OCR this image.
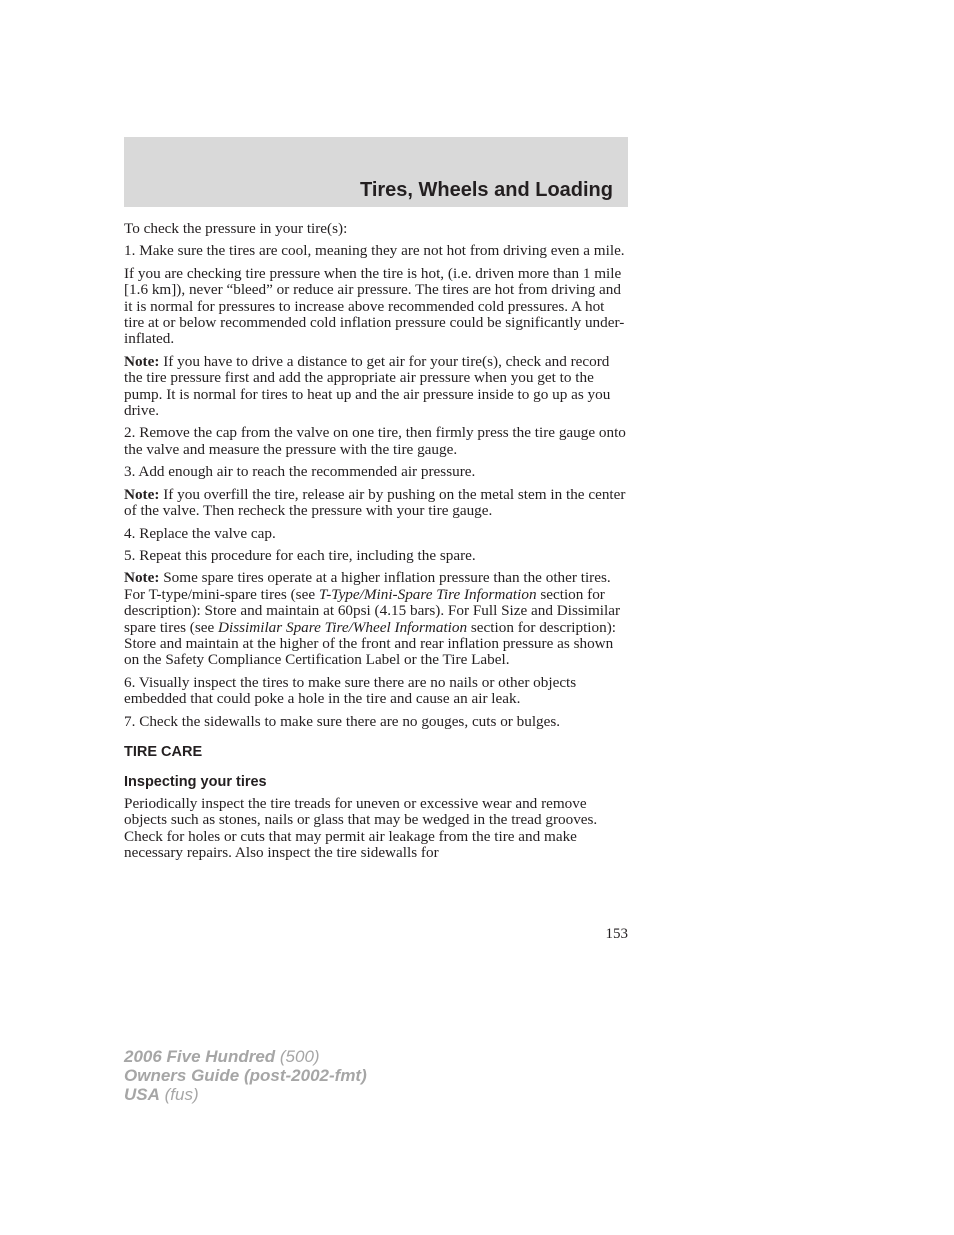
Tires, Wheels and Loading

To check the pressure in your tire(s):

1. Make sure the tires are cool, meaning they are not hot from driving even a mile.

If you are checking tire pressure when the tire is hot, (i.e. driven more than 1 mile [1.6 km]), never “bleed” or reduce air pressure. The tires are hot from driving and it is normal for pressures to increase above recommended cold pressures. A hot tire at or below recommended cold inflation pressure could be significantly under-inflated.

Note: If you have to drive a distance to get air for your tire(s), check and record the tire pressure first and add the appropriate air pressure when you get to the pump. It is normal for tires to heat up and the air pressure inside to go up as you drive.

2. Remove the cap from the valve on one tire, then firmly press the tire gauge onto the valve and measure the pressure with the tire gauge.

3. Add enough air to reach the recommended air pressure.

Note: If you overfill the tire, release air by pushing on the metal stem in the center of the valve. Then recheck the pressure with your tire gauge.

4. Replace the valve cap.

5. Repeat this procedure for each tire, including the spare.

Note: Some spare tires operate at a higher inflation pressure than the other tires. For T-type/mini-spare tires (see T-Type/Mini-Spare Tire Information section for description): Store and maintain at 60psi (4.15 bars). For Full Size and Dissimilar spare tires (see Dissimilar Spare Tire/Wheel Information section for description): Store and maintain at the higher of the front and rear inflation pressure as shown on the Safety Compliance Certification Label or the Tire Label.

6. Visually inspect the tires to make sure there are no nails or other objects embedded that could poke a hole in the tire and cause an air leak.

7. Check the sidewalls to make sure there are no gouges, cuts or bulges.

TIRE CARE
Inspecting your tires

Periodically inspect the tire treads for uneven or excessive wear and remove objects such as stones, nails or glass that may be wedged in the tread grooves. Check for holes or cuts that may permit air leakage from the tire and make necessary repairs. Also inspect the tire sidewalls for

153
2006 Five Hundred (500)
Owners Guide (post-2002-fmt)
USA (fus)
